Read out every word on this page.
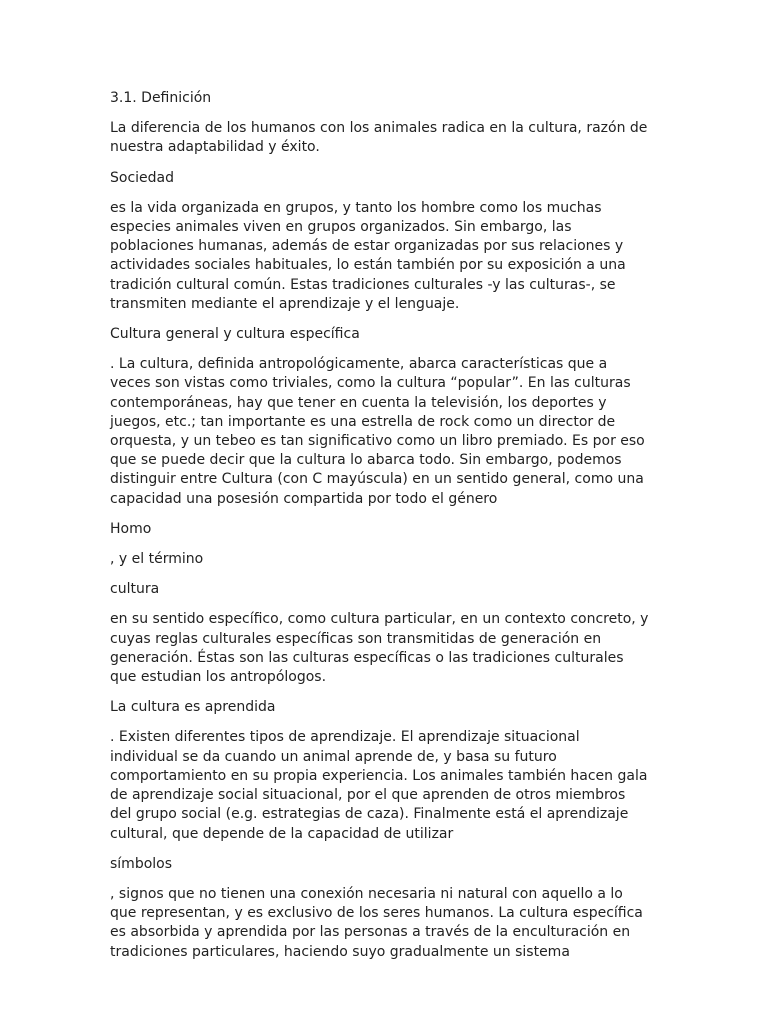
3.1. Definición

La diferencia de los humanos con los animales radica en la cultura, razón de
nuestra adaptabilidad y éxito.

Sociedad

es la vida organizada en grupos, y tanto los hombre como los muchas
especies animales viven en grupos organizados. Sin embargo, las
poblaciones humanas, además de estar organizadas por sus relaciones y
actividades sociales habituales, lo están también por su exposición a una
tradición cultural común. Estas tradiciones culturales -y las culturas-, se
transmiten mediante el aprendizaje y el lenguaje.

Cultura general y cultura específica

. La cultura, definida antropológicamente, abarca características que a
veces son vistas como triviales, como la cultura “popular”. En las culturas
contemporáneas, hay que tener en cuenta la televisión, los deportes y
juegos, etc.; tan importante es una estrella de rock como un director de
orquesta, y un tebeo es tan significativo como un libro premiado. Es por eso
que se puede decir que la cultura lo abarca todo. Sin embargo, podemos
distinguir entre Cultura (con C mayúscula) en un sentido general, como una
capacidad una posesión compartida por todo el género

Homo

, y el término

cultura

en su sentido específico, como cultura particular, en un contexto concreto, y
cuyas reglas culturales específicas son transmitidas de generación en
generación. Éstas son las culturas específicas o las tradiciones culturales
que estudian los antropólogos.

La cultura es aprendida

. Existen diferentes tipos de aprendizaje. El aprendizaje situacional
individual se da cuando un animal aprende de, y basa su futuro
comportamiento en su propia experiencia. Los animales también hacen gala
de aprendizaje social situacional, por el que aprenden de otros miembros
del grupo social (e.g. estrategias de caza). Finalmente está el aprendizaje
cultural, que depende de la capacidad de utilizar

símbolos

, signos que no tienen una conexión necesaria ni natural con aquello a lo
que representan, y es exclusivo de los seres humanos. La cultura específica
es absorbida y aprendida por las personas a través de la enculturación en
tradiciones particulares, haciendo suyo gradualmente un sistema
